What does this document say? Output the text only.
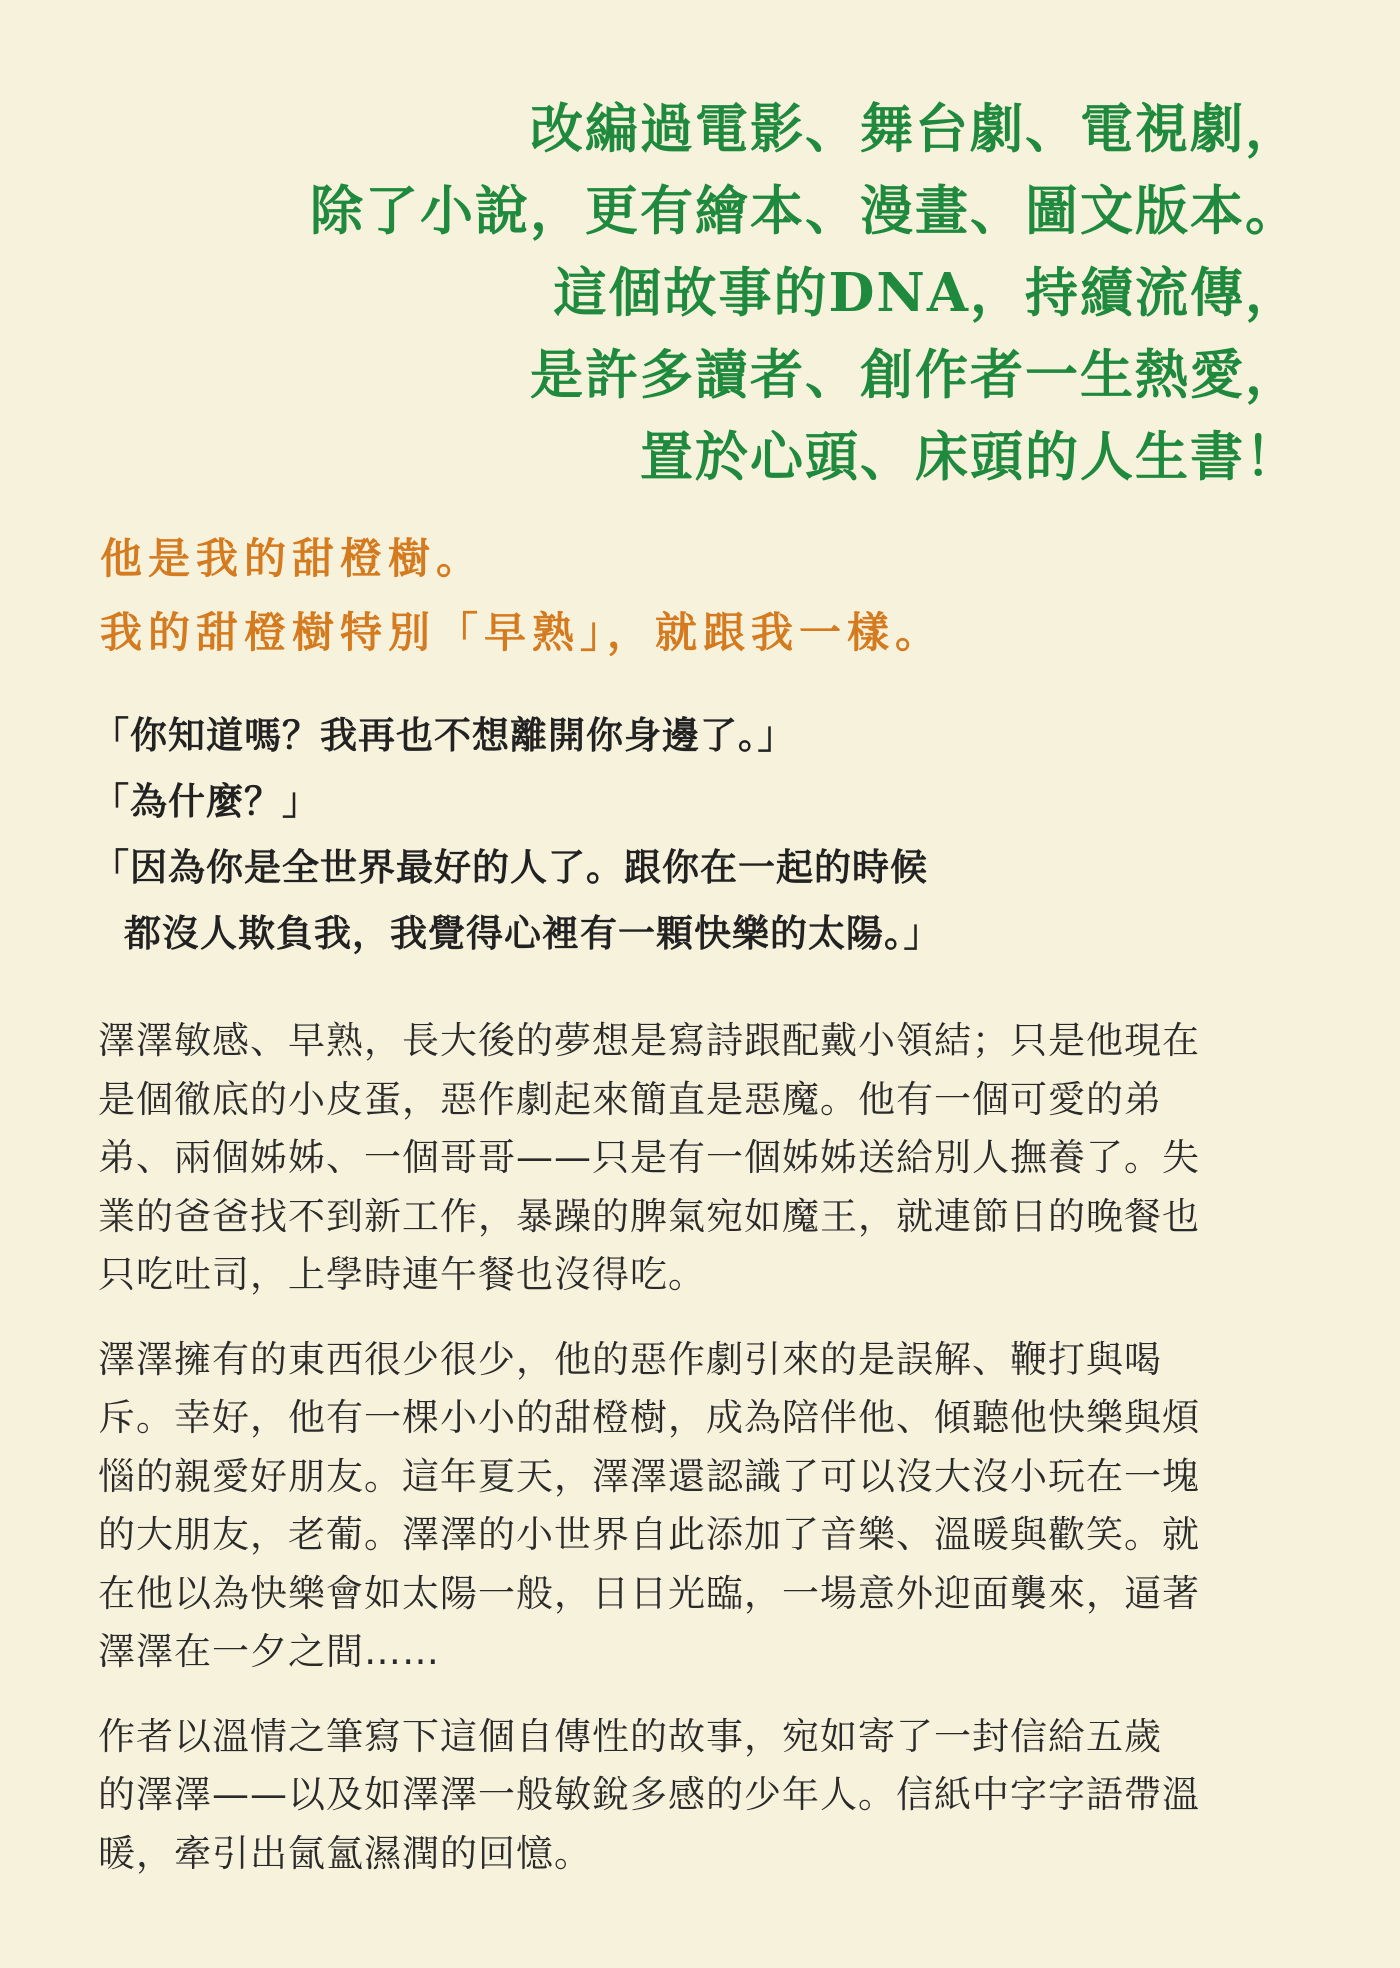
改編過電影、舞台劇、電視劇，
除了小說，更有繪本、漫畫、圖文版本。
這個故事的DNA，持續流傳，
是許多讀者、創作者一生熱愛，
置於心頭、床頭的人生書！
他是我的甜橙樹。
我的甜橙樹特別「早熟」，就跟我一樣。
「你知道嗎？我再也不想離開你身邊了。」
「為什麼？」
「因為你是全世界最好的人了。跟你在一起的時候
都沒人欺負我，我覺得心裡有一顆快樂的太陽。」

澤澤敏感、早熟，長大後的夢想是寫詩跟配戴小領結；只是他現在
是個徹底的小皮蛋，惡作劇起來簡直是惡魔。他有一個可愛的弟
弟、兩個姊姊、一個哥哥——只是有一個姊姊送給別人撫養了。失
業的爸爸找不到新工作，暴躁的脾氣宛如魔王，就連節日的晚餐也
只吃吐司，上學時連午餐也沒得吃。

澤澤擁有的東西很少很少，他的惡作劇引來的是誤解、鞭打與喝
斥。幸好，他有一棵小小的甜橙樹，成為陪伴他、傾聽他快樂與煩
惱的親愛好朋友。這年夏天，澤澤還認識了可以沒大沒小玩在一塊
的大朋友，老葡。澤澤的小世界自此添加了音樂、溫暖與歡笑。就
在他以為快樂會如太陽一般，日日光臨，一場意外迎面襲來，逼著
澤澤在一夕之間……

作者以溫情之筆寫下這個自傳性的故事，宛如寄了一封信給五歲
的澤澤——以及如澤澤一般敏銳多感的少年人。信紙中字字語帶溫
暖，牽引出氤氳濕潤的回憶。
